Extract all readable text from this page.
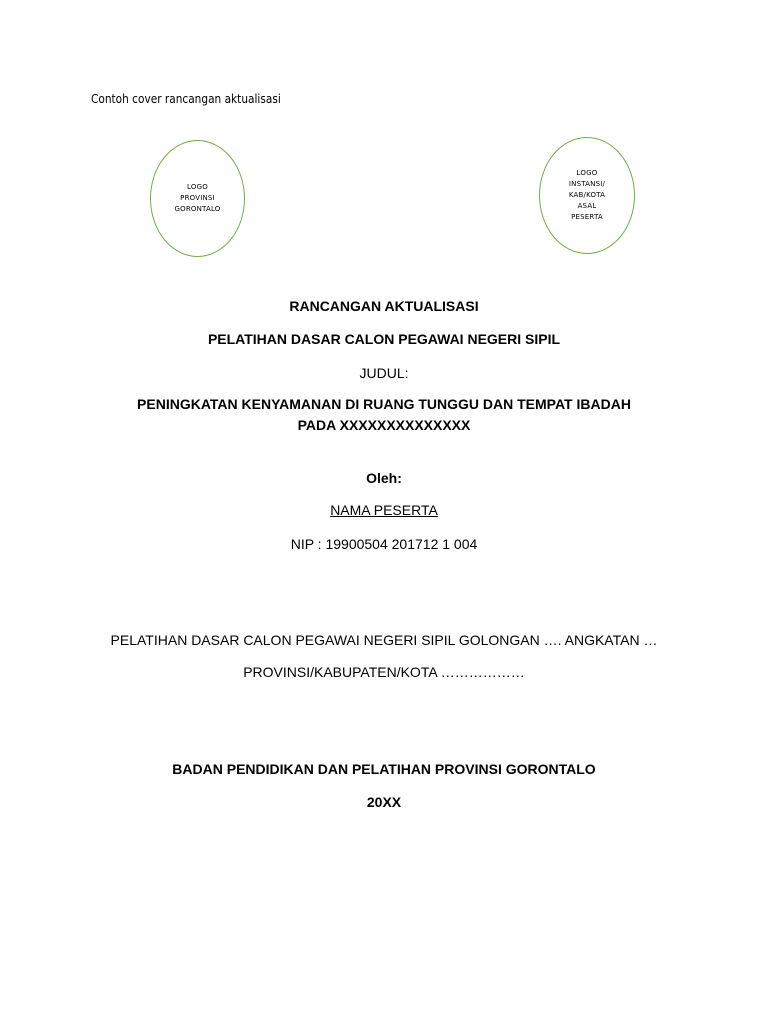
Contoh cover rancangan aktualisasi
LOGO
PROVINSI
GORONTALO
LOGO
INSTANSI/
KAB/KOTA
ASAL
PESERTA
RANCANGAN AKTUALISASI
PELATIHAN DASAR CALON PEGAWAI NEGERI SIPIL
JUDUL:
PENINGKATAN KENYAMANAN DI RUANG TUNGGU DAN TEMPAT IBADAH
PADA XXXXXXXXXXXXXX
Oleh:
NAMA PESERTA
NIP : 19900504 201712 1 004
PELATIHAN DASAR CALON PEGAWAI NEGERI SIPIL GOLONGAN …. ANGKATAN …
PROVINSI/KABUPATEN/KOTA ………………
BADAN PENDIDIKAN DAN PELATIHAN PROVINSI GORONTALO
20XX
